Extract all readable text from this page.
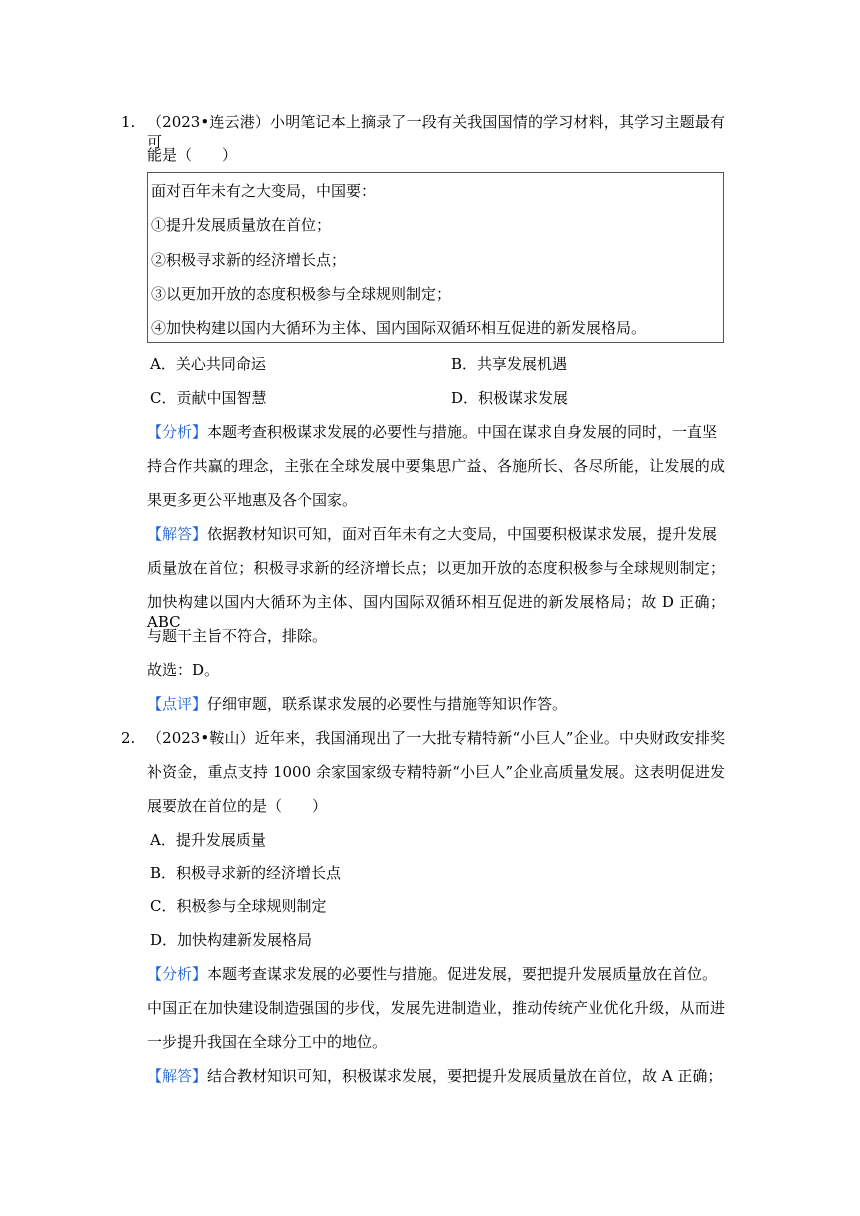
1. （2023•连云港）小明笔记本上摘录了一段有关我国国情的学习材料，其学习主题最有可
能是（　　）
面对百年未有之大变局，中国要：
①提升发展质量放在首位；
②积极寻求新的经济增长点；
③以更加开放的态度积极参与全球规则制定；
④加快构建以国内大循环为主体、国内国际双循环相互促进的新发展格局。
A．关心共同命运	B．共享发展机遇
C．贡献中国智慧	D．积极谋求发展
【分析】本题考查积极谋求发展的必要性与措施。中国在谋求自身发展的同时，一直坚
持合作共赢的理念，主张在全球发展中要集思广益、各施所长、各尽所能，让发展的成
果更多更公平地惠及各个国家。
【解答】依据教材知识可知，面对百年未有之大变局，中国要积极谋求发展，提升发展
质量放在首位；积极寻求新的经济增长点；以更加开放的态度积极参与全球规则制定；
加快构建以国内大循环为主体、国内国际双循环相互促进的新发展格局；故 D 正确；ABC
与题干主旨不符合，排除。
故选：D。
【点评】仔细审题，联系谋求发展的必要性与措施等知识作答。
2. （2023•鞍山）近年来，我国涌现出了一大批专精特新“小巨人”企业。中央财政安排奖
补资金，重点支持 1000 余家国家级专精特新“小巨人”企业高质量发展。这表明促进发
展要放在首位的是（　　）
A．提升发展质量
B．积极寻求新的经济增长点
C．积极参与全球规则制定
D．加快构建新发展格局
【分析】本题考查谋求发展的必要性与措施。促进发展，要把提升发展质量放在首位。
中国正在加快建设制造强国的步伐，发展先进制造业，推动传统产业优化升级，从而进
一步提升我国在全球分工中的地位。
【解答】结合教材知识可知，积极谋求发展，要把提升发展质量放在首位，故 A 正确；
